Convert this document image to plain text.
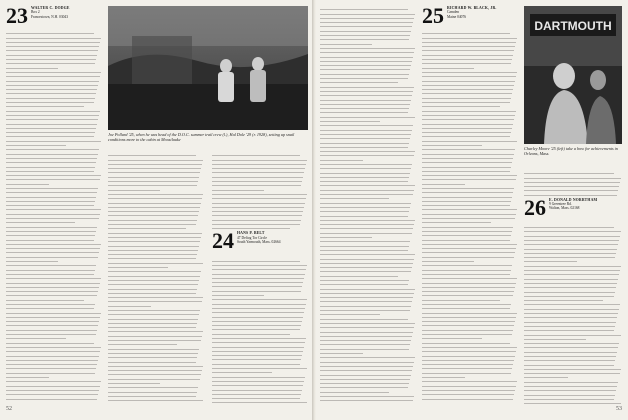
23 WALTER C. DODGE
Box 2
Francestown, N.H. 03043
Joe Pollard '25, when he was head of the D.O.C. summer trail crew (l.), Hal Dole '29 (r. 1928), setting up snail conditions more to the cabin at Moosilauke
24 HANS P. BELT
47 Defiog Tor Circle
South Yarmouth, Mass. 02664
52
25 RICHARD W. BLACK, JR.
Camden
Maine 04076
DARTMOUTH
Charley Moore '25 (left) take a bow for achievements in Orleans, Mass.
26 E. DONALD NORRTHAM
9 Greentree Rd.
Walton, Mass. 02168
53
